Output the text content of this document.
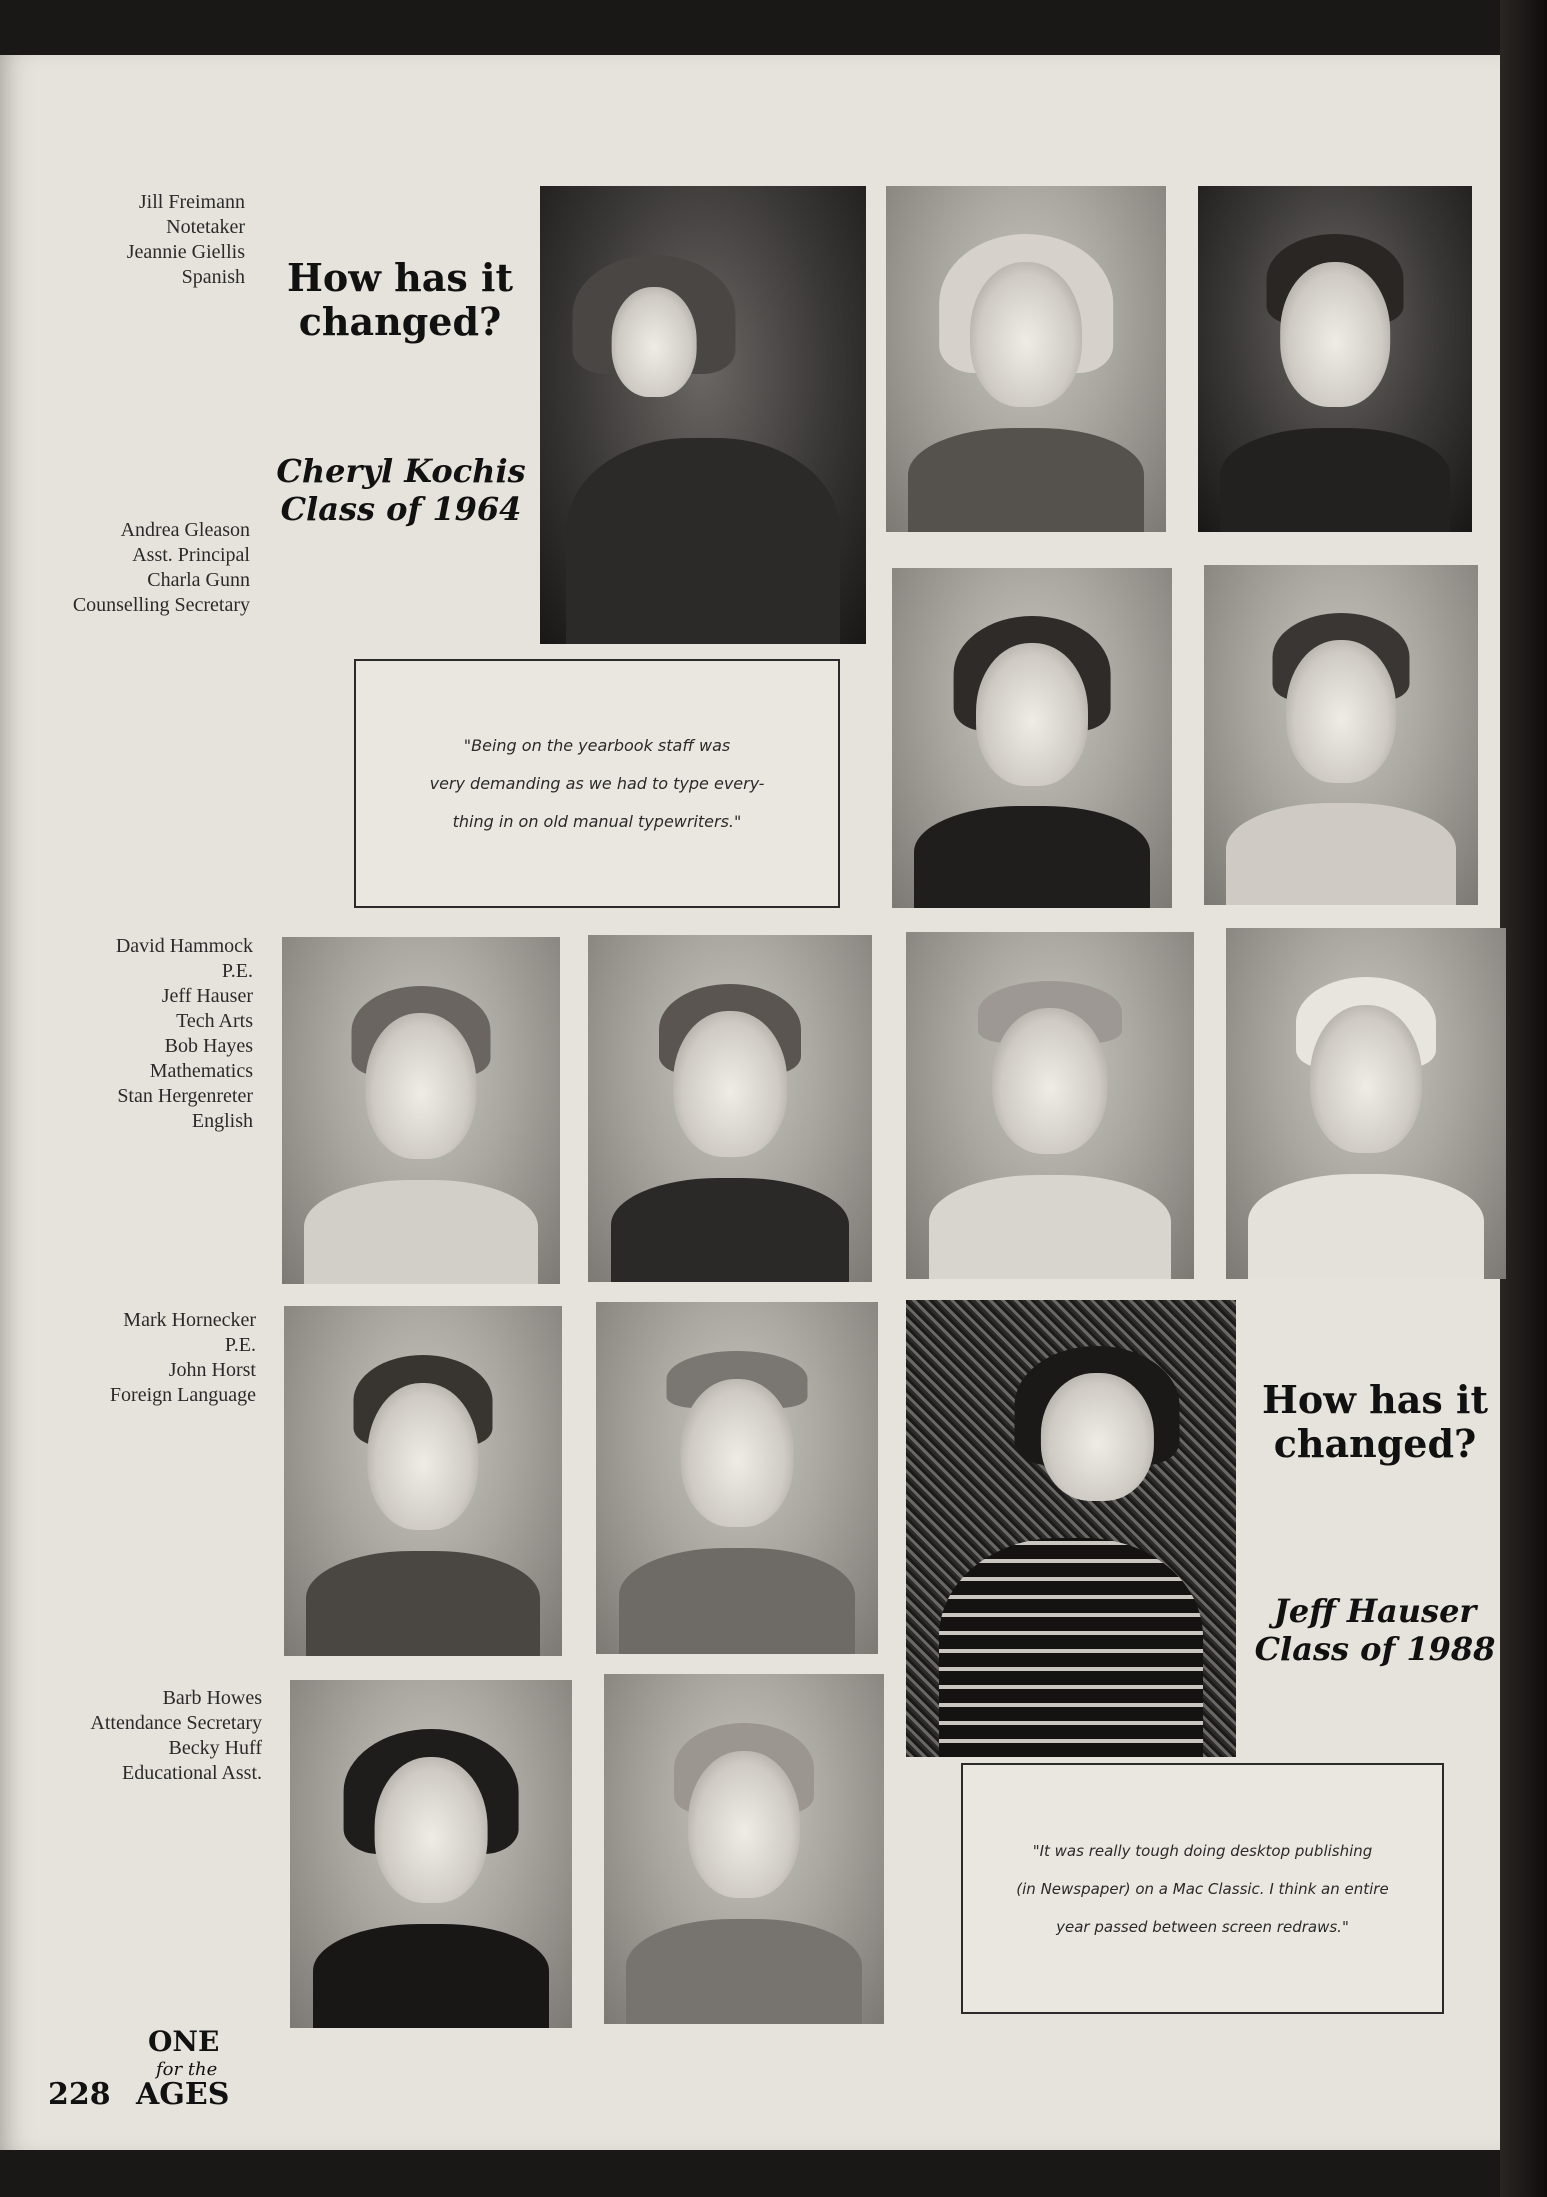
Jill Freimann
Notetaker
Jeannie Giellis
Spanish
Andrea Gleason
Asst. Principal
Charla Gunn
Counselling Secretary
David Hammock
P.E.
Jeff Hauser
Tech Arts
Bob Hayes
Mathematics
Stan Hergenreter
English
Mark Hornecker
P.E.
John Horst
Foreign Language
Barb Howes
Attendance Secretary
Becky Huff
Educational Asst.
How has it
changed?
Cheryl Kochis
Class of 1964

"Being on the yearbook staff was
very demanding as we had to type every-
thing in on old manual typewriters."

How has it
changed?
Jeff Hauser
Class of 1988

"It was really tough doing desktop publishing
(in Newspaper) on a Mac Classic. I think an entire
year passed between screen redraws."

ONE
for the
228 AGES
